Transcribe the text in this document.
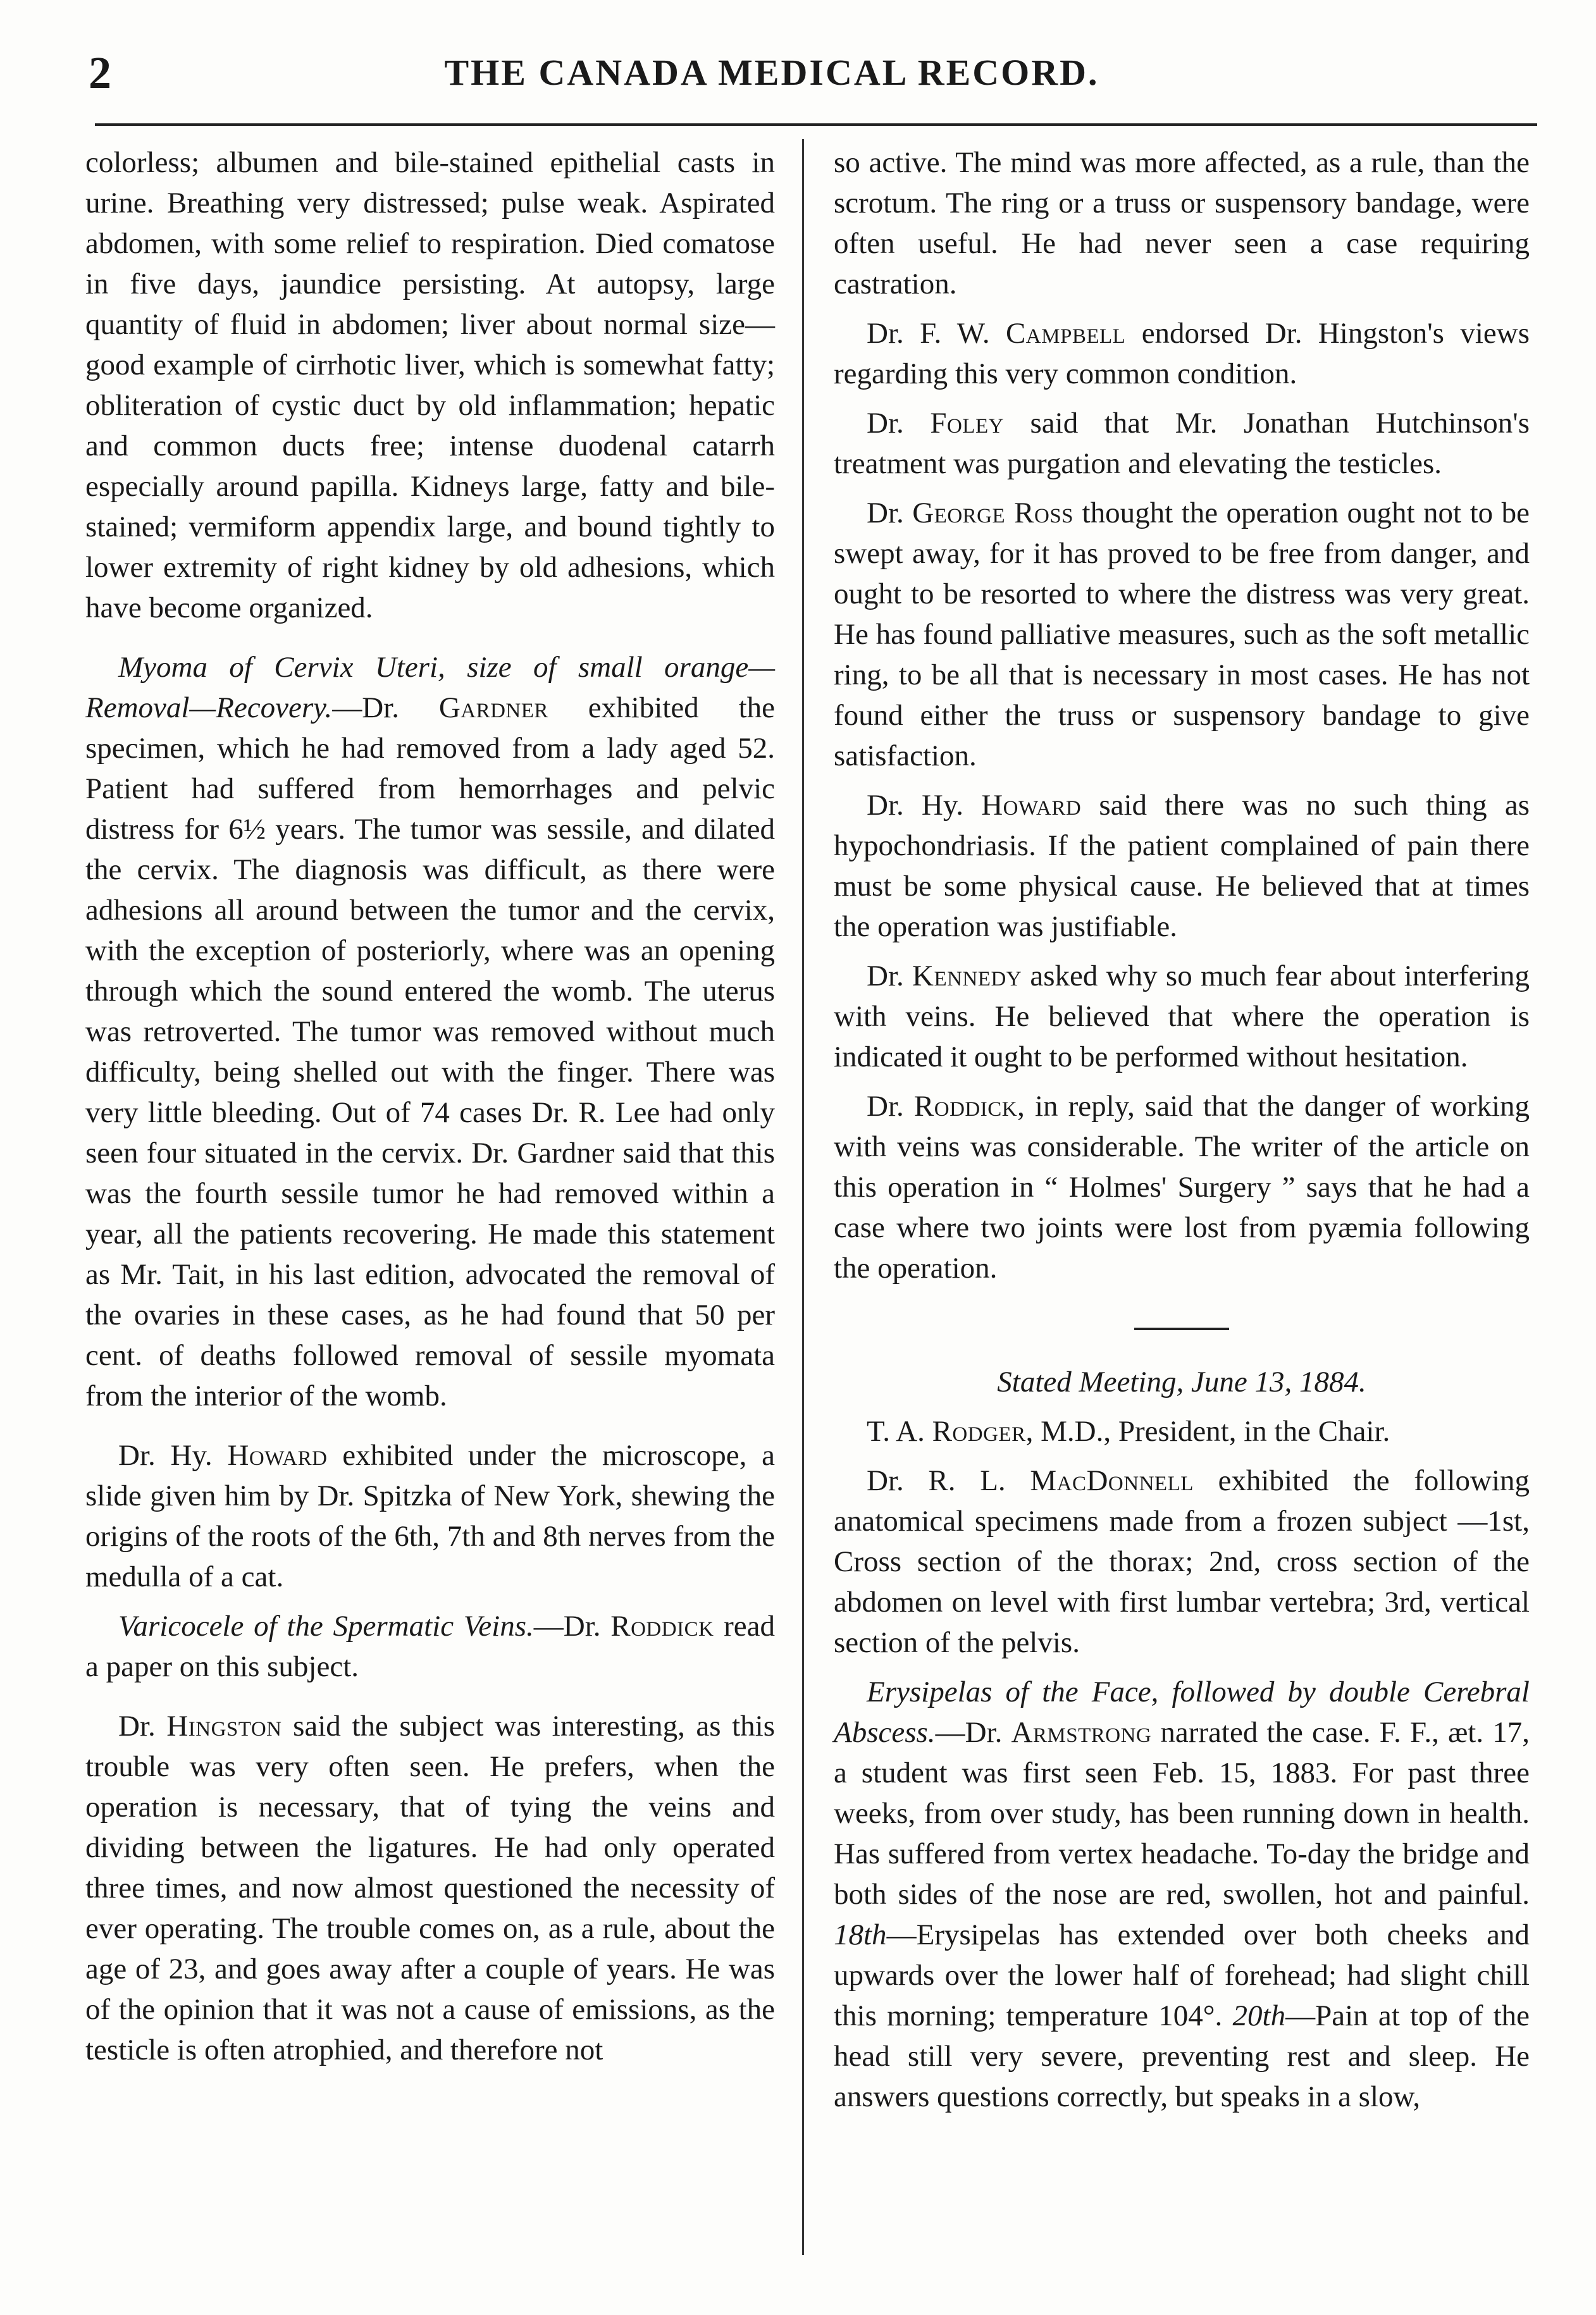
2	THE CANADA MEDICAL RECORD.

colorless; albumen and bile-stained epithelial casts in urine. Breathing very distressed; pulse weak. Aspirated abdomen, with some relief to respiration. Died comatose in five days, jaundice persisting. At autopsy, large quantity of fluid in abdomen; liver about normal size—good example of cirrhotic liver, which is somewhat fatty; obliteration of cystic duct by old inflammation; hepatic and common ducts free; intense duodenal catarrh especially around papilla. Kidneys large, fatty and bile-stained; vermiform appendix large, and bound tightly to lower extremity of right kidney by old adhesions, which have become organized.

Myoma of Cervix Uteri, size of small orange—Removal—Recovery.—Dr. Gardner exhibited the specimen, which he had removed from a lady aged 52. Patient had suffered from hemorrhages and pelvic distress for 6½ years. The tumor was sessile, and dilated the cervix. The diagnosis was difficult, as there were adhesions all around between the tumor and the cervix, with the exception of posteriorly, where was an opening through which the sound entered the womb. The uterus was retroverted. The tumor was removed without much difficulty, being shelled out with the finger. There was very little bleeding. Out of 74 cases Dr. R. Lee had only seen four situated in the cervix. Dr. Gardner said that this was the fourth sessile tumor he had removed within a year, all the patients recovering. He made this statement as Mr. Tait, in his last edition, advocated the removal of the ovaries in these cases, as he had found that 50 per cent. of deaths followed removal of sessile myomata from the interior of the womb.

Dr. Hy. Howard exhibited under the microscope, a slide given him by Dr. Spitzka of New York, shewing the origins of the roots of the 6th, 7th and 8th nerves from the medulla of a cat.

Varicocele of the Spermatic Veins.—Dr. Roddick read a paper on this subject.

Dr. Hingston said the subject was interesting, as this trouble was very often seen. He prefers, when the operation is necessary, that of tying the veins and dividing between the ligatures. He had only operated three times, and now almost questioned the necessity of ever operating. The trouble comes on, as a rule, about the age of 23, and goes away after a couple of years. He was of the opinion that it was not a cause of emissions, as the testicle is often atrophied, and therefore not

so active. The mind was more affected, as a rule, than the scrotum. The ring or a truss or suspensory bandage, were often useful. He had never seen a case requiring castration.

Dr. F. W. Campbell endorsed Dr. Hingston's views regarding this very common condition.

Dr. Foley said that Mr. Jonathan Hutchinson's treatment was purgation and elevating the testicles.

Dr. George Ross thought the operation ought not to be swept away, for it has proved to be free from danger, and ought to be resorted to where the distress was very great. He has found palliative measures, such as the soft metallic ring, to be all that is necessary in most cases. He has not found either the truss or suspensory bandage to give satisfaction.

Dr. Hy. Howard said there was no such thing as hypochondriasis. If the patient complained of pain there must be some physical cause. He believed that at times the operation was justifiable.

Dr. Kennedy asked why so much fear about interfering with veins. He believed that where the operation is indicated it ought to be performed without hesitation.

Dr. Roddick, in reply, said that the danger of working with veins was considerable. The writer of the article on this operation in “ Holmes' Surgery ” says that he had a case where two joints were lost from pyæmia following the operation.

Stated Meeting, June 13, 1884.

T. A. Rodger, M.D., President, in the Chair.

Dr. R. L. MacDonnell exhibited the following anatomical specimens made from a frozen subject —1st, Cross section of the thorax; 2nd, cross section of the abdomen on level with first lumbar vertebra; 3rd, vertical section of the pelvis.

Erysipelas of the Face, followed by double Cerebral Abscess.—Dr. Armstrong narrated the case. F. F., æt. 17, a student was first seen Feb. 15, 1883. For past three weeks, from over study, has been running down in health. Has suffered from vertex headache. To-day the bridge and both sides of the nose are red, swollen, hot and painful. 18th—Erysipelas has extended over both cheeks and upwards over the lower half of forehead; had slight chill this morning; temperature 104°. 20th—Pain at top of the head still very severe, preventing rest and sleep. He answers questions correctly, but speaks in a slow,
